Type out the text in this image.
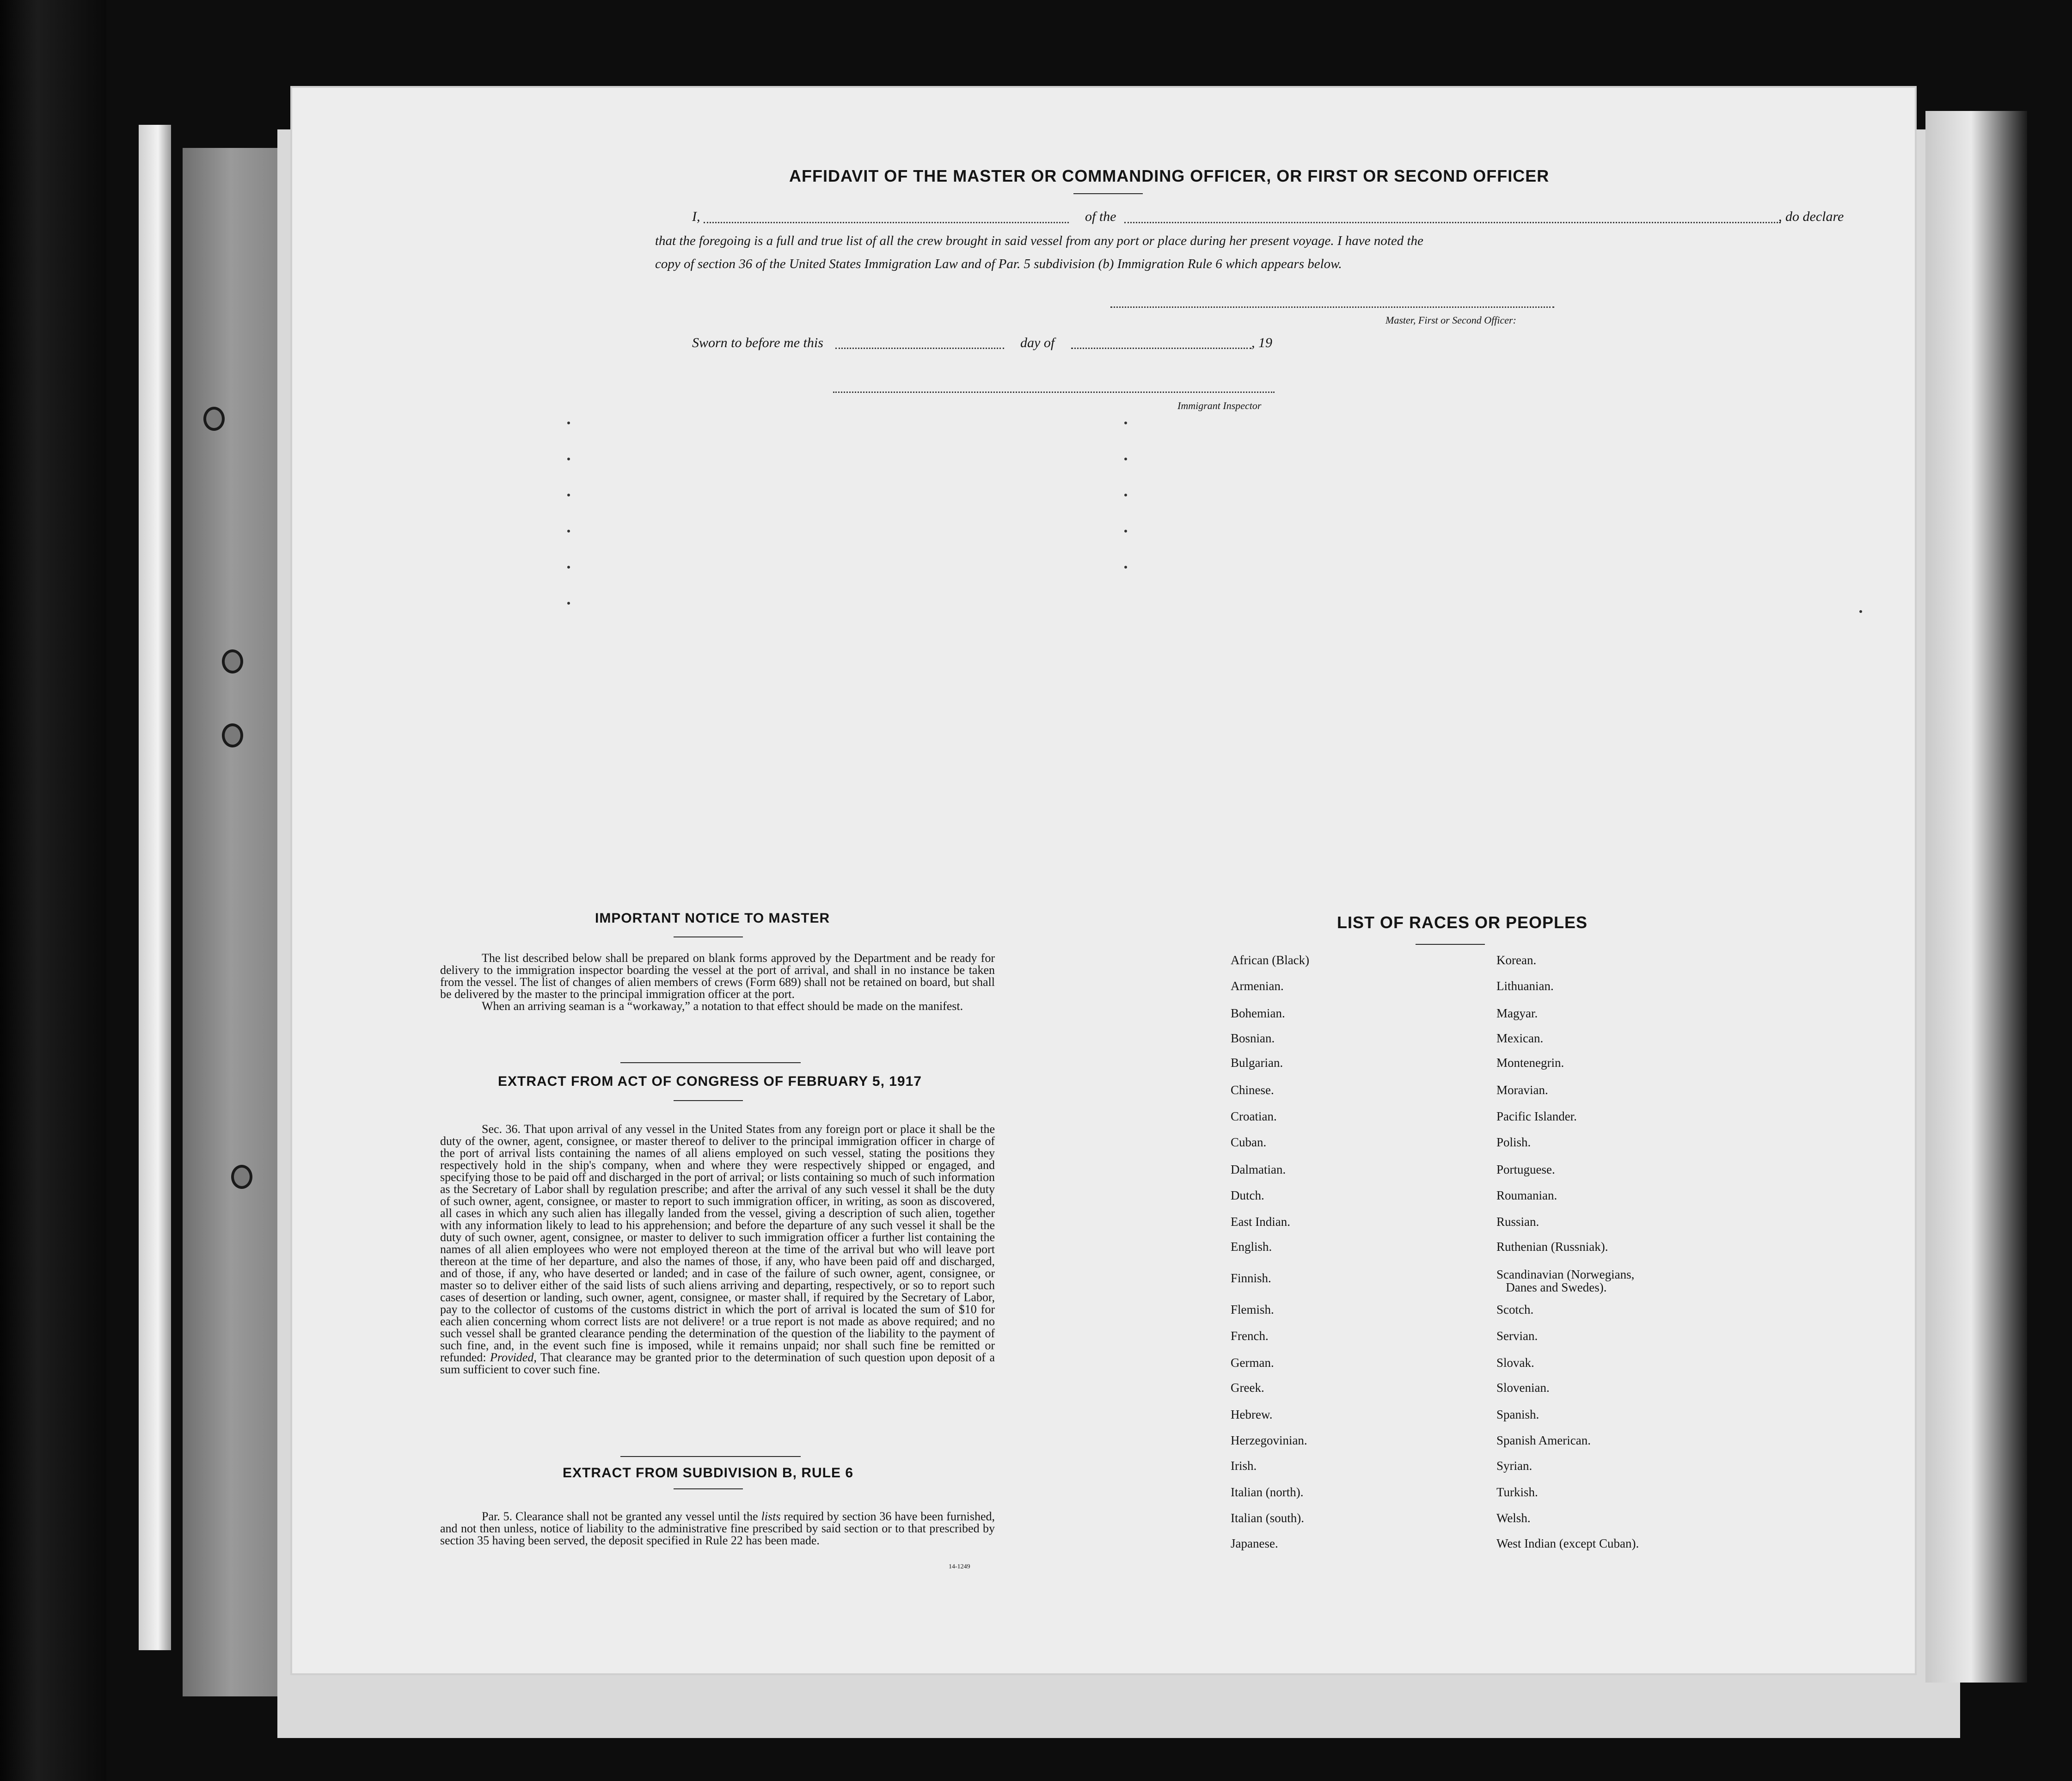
AFFIDAVIT OF THE MASTER OR COMMANDING OFFICER, OR FIRST OR SECOND OFFICER

I,	of the	, do declare

that the foregoing is a full and true list of all the crew brought in said vessel from any port or place during her present voyage. I have noted the

copy of section 36 of the United States Immigration Law and of Par. 5 subdivision (b) Immigration Rule 6 which appears below.

Master, First or Second Officer:

Sworn to before me this	day of	, 19

Immigrant Inspector

IMPORTANT NOTICE TO MASTER

The list described below shall be prepared on blank forms approved by the Department and be ready for delivery to the immigration inspector boarding the vessel at the port of arrival, and shall in no instance be taken from the vessel. The list of changes of alien members of crews (Form 689) shall not be retained on board, but shall be delivered by the master to the principal immigration officer at the port.

When an arriving seaman is a “workaway,” a notation to that effect should be made on the manifest.

EXTRACT FROM ACT OF CONGRESS OF FEBRUARY 5, 1917

Sec. 36. That upon arrival of any vessel in the United States from any foreign port or place it shall be the duty of the owner, agent, consignee, or master thereof to deliver to the principal immigration officer in charge of the port of arrival lists containing the names of all aliens employed on such vessel, stating the positions they respectively hold in the ship's company, when and where they were respectively shipped or engaged, and specifying those to be paid off and discharged in the port of arrival; or lists containing so much of such information as the Secretary of Labor shall by regulation prescribe; and after the arrival of any such vessel it shall be the duty of such owner, agent, consignee, or master to report to such immigration officer, in writing, as soon as discovered, all cases in which any such alien has illegally landed from the vessel, giving a description of such alien, together with any information likely to lead to his apprehension; and before the departure of any such vessel it shall be the duty of such owner, agent, consignee, or master to deliver to such immigration officer a further list containing the names of all alien employees who were not employed thereon at the time of the arrival but who will leave port thereon at the time of her departure, and also the names of those, if any, who have been paid off and discharged, and of those, if any, who have deserted or landed; and in case of the failure of such owner, agent, consignee, or master so to deliver either of the said lists of such aliens arriving and departing, respectively, or so to report such cases of desertion or landing, such owner, agent, consignee, or master shall, if required by the Secretary of Labor, pay to the collector of customs of the customs district in which the port of arrival is located the sum of $10 for each alien concerning whom correct lists are not delivere! or a true report is not made as above required; and no such vessel shall be granted clearance pending the determination of the question of the liability to the payment of such fine, and, in the event such fine is imposed, while it remains unpaid; nor shall such fine be remitted or refunded: Provided, That clearance may be granted prior to the determination of such question upon deposit of a sum sufficient to cover such fine.

EXTRACT FROM SUBDIVISION B, RULE 6

Par. 5. Clearance shall not be granted any vessel until the lists required by section 36 have been furnished, and not then unless, notice of liability to the administrative fine prescribed by said section or to that prescribed by section 35 having been served, the deposit specified in Rule 22 has been made.

14-1249

LIST OF RACES OR PEOPLES

African (Black)

Armenian.

Bohemian.

Bosnian.

Bulgarian.

Chinese.

Croatian.

Cuban.

Dalmatian.

Dutch.

East Indian.

English.

Finnish.

Flemish.

French.

German.

Greek.

Hebrew.

Herzegovinian.

Irish.

Italian (north).

Italian (south).

Japanese.

Korean.

Lithuanian.

Magyar.

Mexican.

Montenegrin.

Moravian.

Pacific Islander.

Polish.

Portuguese.

Roumanian.

Russian.

Ruthenian (Russniak).

Scandinavian (Norwegians,
Danes and Swedes).

Scotch.

Servian.

Slovak.

Slovenian.

Spanish.

Spanish American.

Syrian.

Turkish.

Welsh.

West Indian (except Cuban).
